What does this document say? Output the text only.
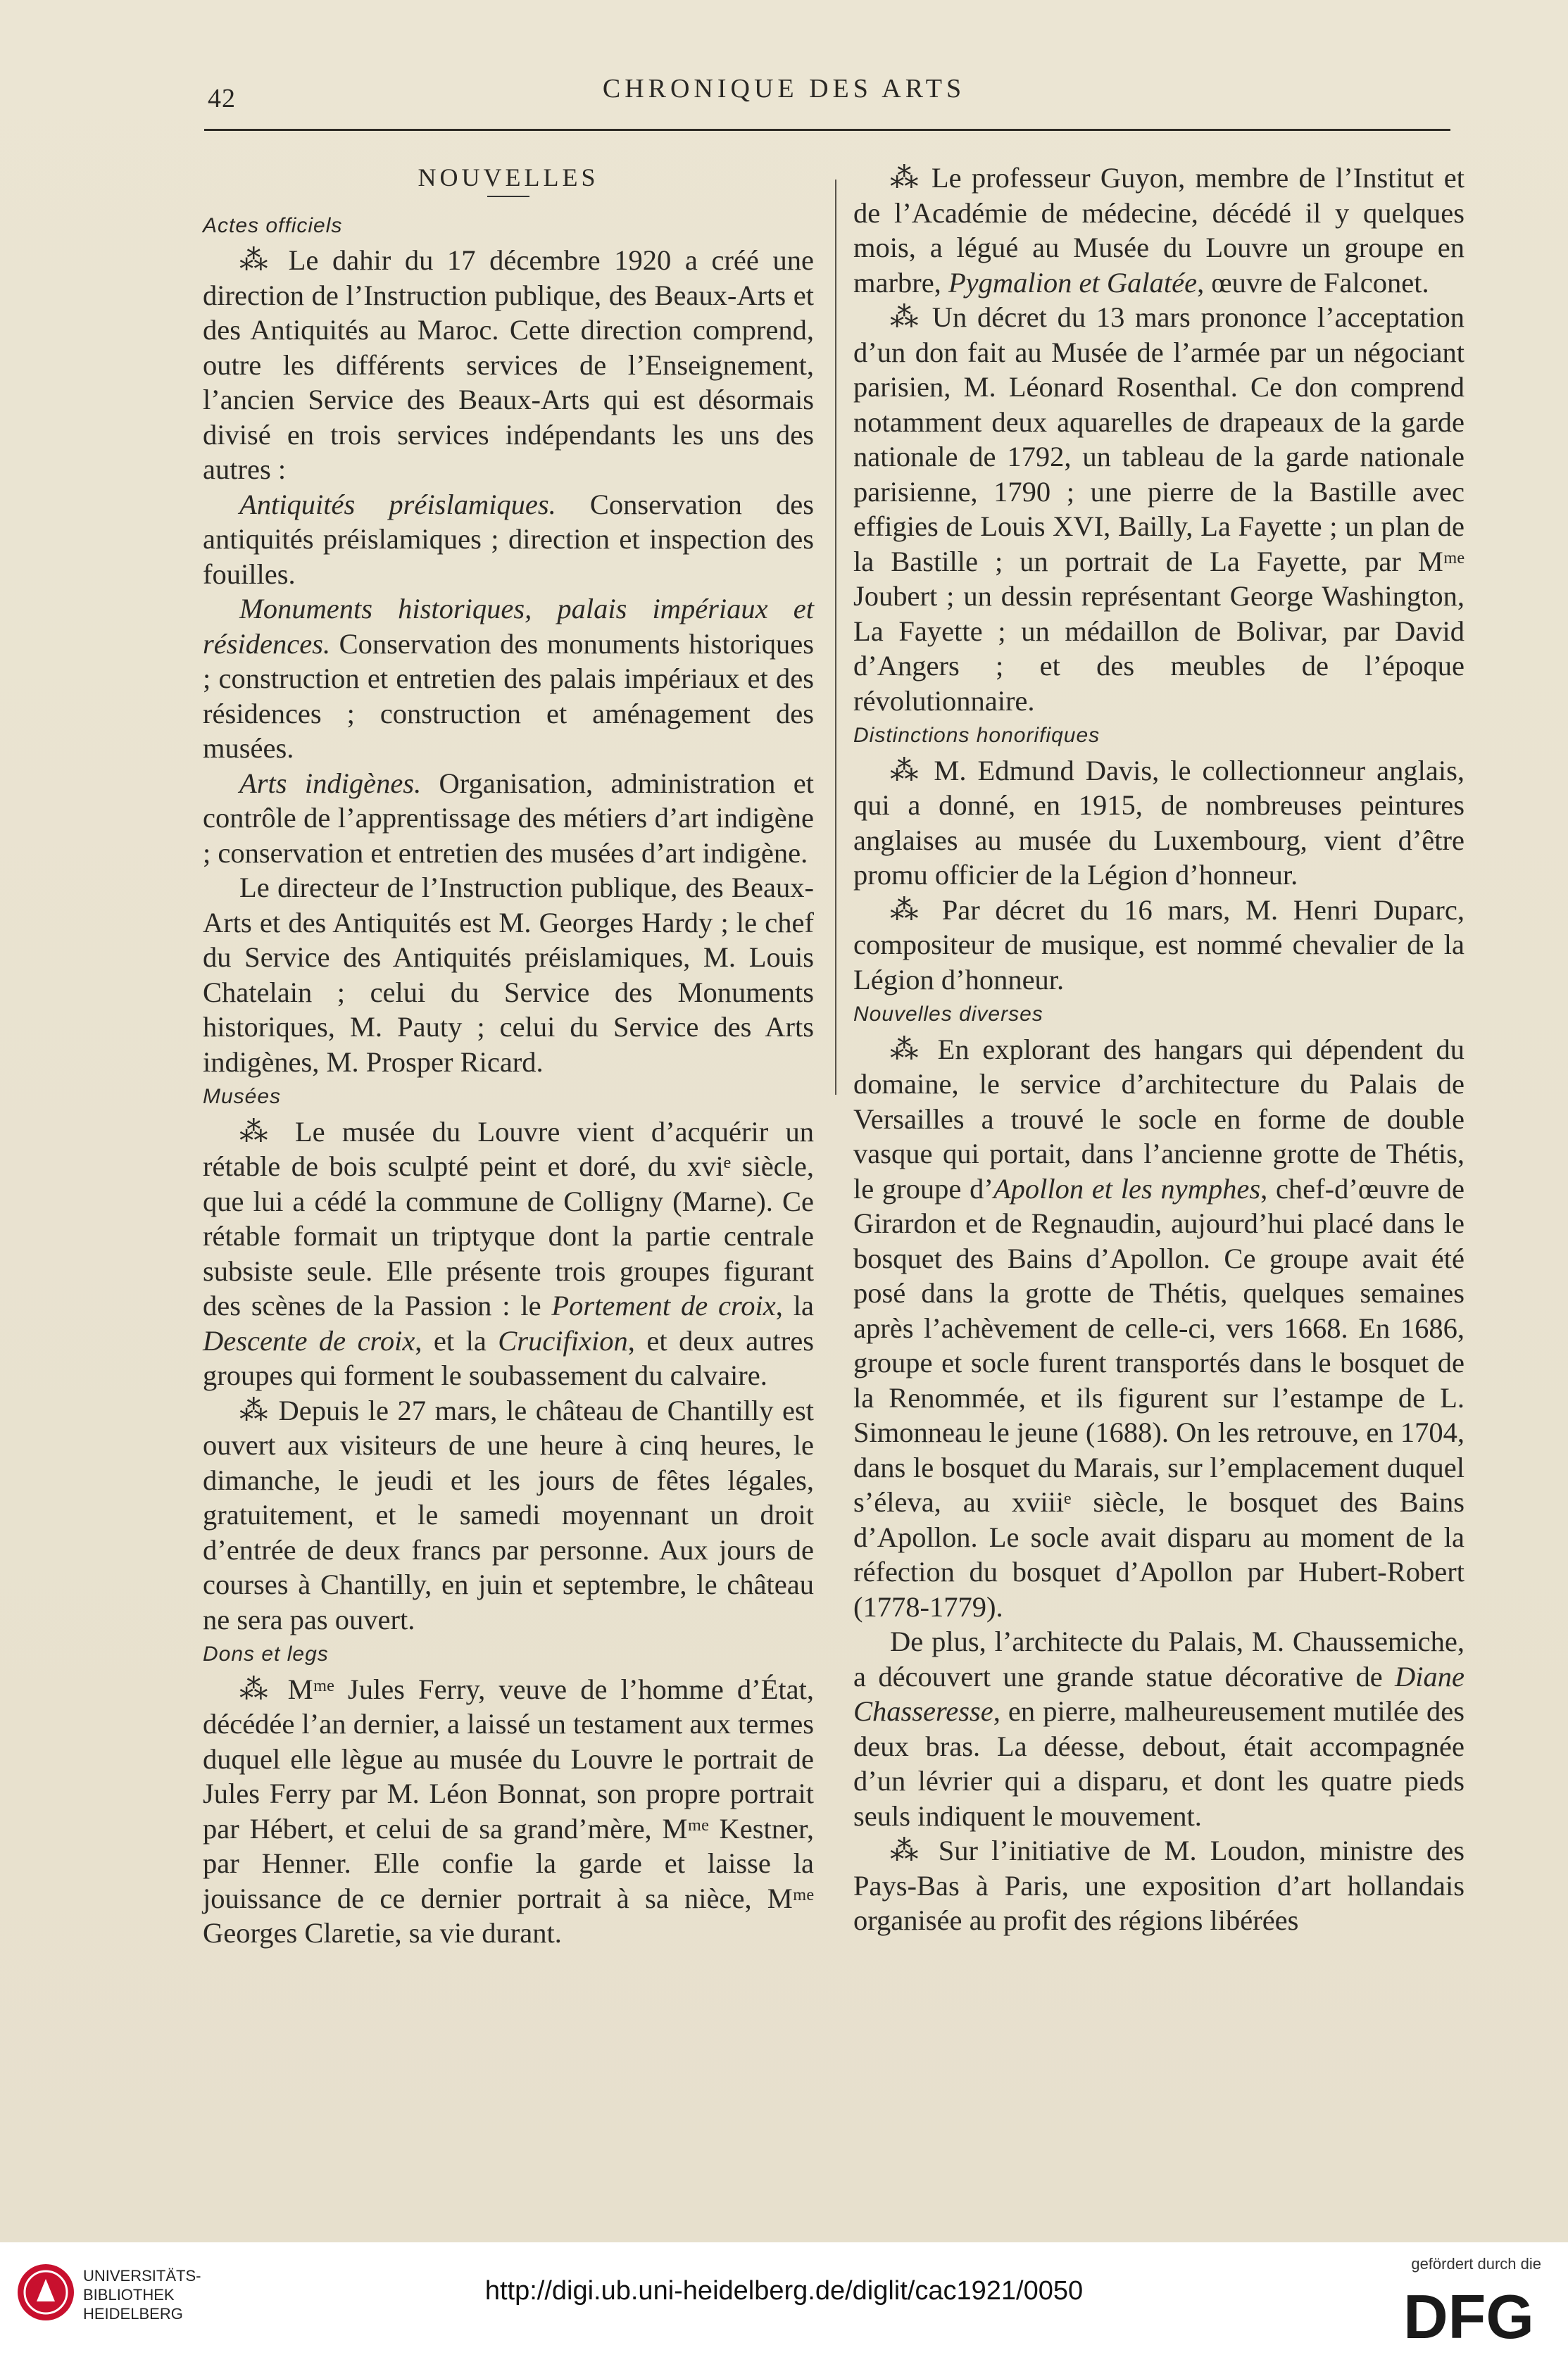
42	CHRONIQUE DES ARTS

NOUVELLES

Actes officiels

⁂ Le dahir du 17 décembre 1920 a créé une direction de l’Instruction publique, des Beaux-Arts et des Antiquités au Maroc. Cette direction comprend, outre les différents services de l’Enseignement, l’ancien Service des Beaux-Arts qui est désormais divisé en trois services indépendants les uns des autres :

Antiquités préislamiques. Conservation des antiquités préislamiques ; direction et inspection des fouilles.

Monuments historiques, palais impériaux et résidences. Conservation des monuments historiques ; construction et entretien des palais impériaux et des résidences ; construction et aménagement des musées.

Arts indigènes. Organisation, administration et contrôle de l’apprentissage des métiers d’art indigène ; conservation et entretien des musées d’art indigène.

Le directeur de l’Instruction publique, des Beaux-Arts et des Antiquités est M. Georges Hardy ; le chef du Service des Antiquités préislamiques, M. Louis Chatelain ; celui du Service des Monuments historiques, M. Pauty ; celui du Service des Arts indigènes, M. Prosper Ricard.

Musées

⁂ Le musée du Louvre vient d’acquérir un rétable de bois sculpté peint et doré, du xviᵉ siècle, que lui a cédé la commune de Colligny (Marne). Ce rétable formait un triptyque dont la partie centrale subsiste seule. Elle présente trois groupes figurant des scènes de la Passion : le Portement de croix, la Descente de croix, et la Crucifixion, et deux autres groupes qui forment le soubassement du calvaire.

⁂ Depuis le 27 mars, le château de Chantilly est ouvert aux visiteurs de une heure à cinq heures, le dimanche, le jeudi et les jours de fêtes légales, gratuitement, et le samedi moyennant un droit d’entrée de deux francs par personne. Aux jours de courses à Chantilly, en juin et septembre, le château ne sera pas ouvert.

Dons et legs

⁂ Mᵐᵉ Jules Ferry, veuve de l’homme d’État, décédée l’an dernier, a laissé un testament aux termes duquel elle lègue au musée du Louvre le portrait de Jules Ferry par M. Léon Bonnat, son propre portrait par Hébert, et celui de sa grand’mère, Mᵐᵉ Kestner, par Henner. Elle confie la garde et laisse la jouissance de ce dernier portrait à sa nièce, Mᵐᵉ Georges Claretie, sa vie durant.

⁂ Le professeur Guyon, membre de l’Institut et de l’Académie de médecine, décédé il y quelques mois, a légué au Musée du Louvre un groupe en marbre, Pygmalion et Galatée, œuvre de Falconet.

⁂ Un décret du 13 mars prononce l’acceptation d’un don fait au Musée de l’armée par un négociant parisien, M. Léonard Rosenthal. Ce don comprend notamment deux aquarelles de drapeaux de la garde nationale de 1792, un tableau de la garde nationale parisienne, 1790 ; une pierre de la Bastille avec effigies de Louis XVI, Bailly, La Fayette ; un plan de la Bastille ; un portrait de La Fayette, par Mᵐᵉ Joubert ; un dessin représentant George Washington, La Fayette ; un médaillon de Bolivar, par David d’Angers ; et des meubles de l’époque révolutionnaire.

Distinctions honorifiques

⁂ M. Edmund Davis, le collectionneur anglais, qui a donné, en 1915, de nombreuses peintures anglaises au musée du Luxembourg, vient d’être promu officier de la Légion d’honneur.

⁂ Par décret du 16 mars, M. Henri Duparc, compositeur de musique, est nommé chevalier de la Légion d’honneur.

Nouvelles diverses

⁂ En explorant des hangars qui dépendent du domaine, le service d’architecture du Palais de Versailles a trouvé le socle en forme de double vasque qui portait, dans l’ancienne grotte de Thétis, le groupe d’Apollon et les nymphes, chef-d’œuvre de Girardon et de Regnaudin, aujourd’hui placé dans le bosquet des Bains d’Apollon. Ce groupe avait été posé dans la grotte de Thétis, quelques semaines après l’achèvement de celle-ci, vers 1668. En 1686, groupe et socle furent transportés dans le bosquet de la Renommée, et ils figurent sur l’estampe de L. Simonneau le jeune (1688). On les retrouve, en 1704, dans le bosquet du Marais, sur l’emplacement duquel s’éleva, au xviiiᵉ siècle, le bosquet des Bains d’Apollon. Le socle avait disparu au moment de la réfection du bosquet d’Apollon par Hubert-Robert (1778-1779).

De plus, l’architecte du Palais, M. Chaussemiche, a découvert une grande statue décorative de Diane Chasseresse, en pierre, malheureusement mutilée des deux bras. La déesse, debout, était accompagnée d’un lévrier qui a disparu, et dont les quatre pieds seuls indiquent le mouvement.

⁂ Sur l’initiative de M. Loudon, ministre des Pays-Bas à Paris, une exposition d’art hollandais organisée au profit des régions libérées

UNIVERSITÄTS-
BIBLIOTHEK
HEIDELBERG
http://digi.ub.uni-heidelberg.de/diglit/cac1921/0050
gefördert durch die
DFG
